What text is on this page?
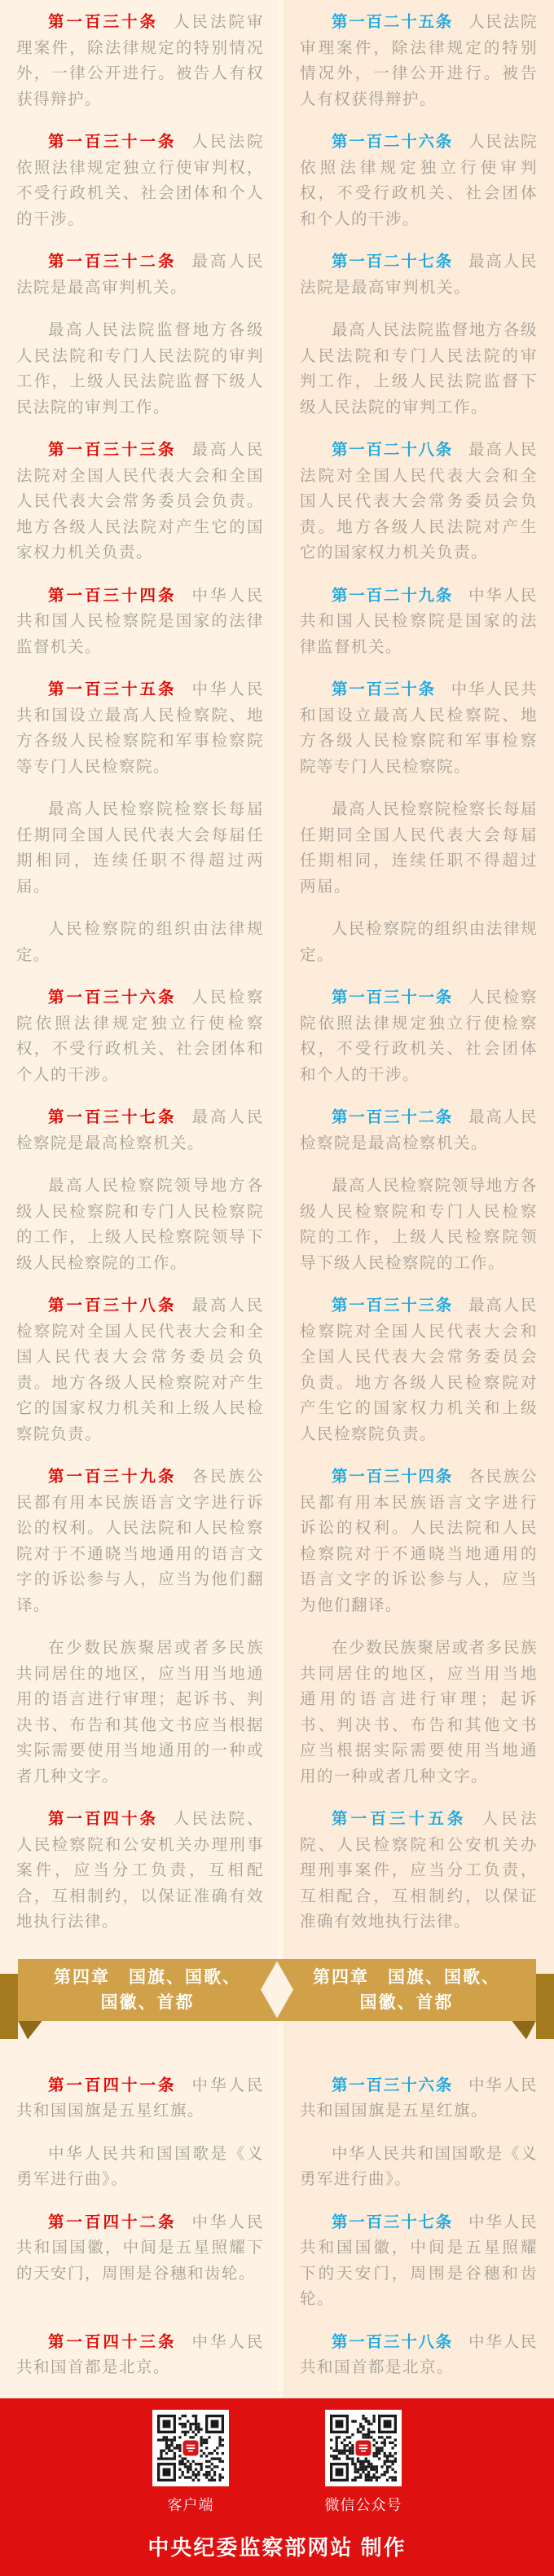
第一百三十条 人民法院审理案件，除法律规定的特别情况外，一律公开进行。被告人有权获得辩护。

第一百二十五条 人民法院审理案件，除法律规定的特别情况外，一律公开进行。被告人有权获得辩护。

第一百三十一条 人民法院依照法律规定独立行使审判权，不受行政机关、社会团体和个人的干涉。

第一百二十六条 人民法院依照法律规定独立行使审判权，不受行政机关、社会团体和个人的干涉。

第一百三十二条 最高人民法院是最高审判机关。

第一百二十七条 最高人民法院是最高审判机关。

最高人民法院监督地方各级人民法院和专门人民法院的审判工作，上级人民法院监督下级人民法院的审判工作。

最高人民法院监督地方各级人民法院和专门人民法院的审判工作，上级人民法院监督下级人民法院的审判工作。

第一百三十三条 最高人民法院对全国人民代表大会和全国人民代表大会常务委员会负责。地方各级人民法院对产生它的国家权力机关负责。

第一百二十八条 最高人民法院对全国人民代表大会和全国人民代表大会常务委员会负责。地方各级人民法院对产生它的国家权力机关负责。

第一百三十四条 中华人民共和国人民检察院是国家的法律监督机关。

第一百二十九条 中华人民共和国人民检察院是国家的法律监督机关。

第一百三十五条 中华人民共和国设立最高人民检察院、地方各级人民检察院和军事检察院等专门人民检察院。

第一百三十条 中华人民共和国设立最高人民检察院、地方各级人民检察院和军事检察院等专门人民检察院。

最高人民检察院检察长每届任期同全国人民代表大会每届任期相同，连续任职不得超过两届。

最高人民检察院检察长每届任期同全国人民代表大会每届任期相同，连续任职不得超过两届。

人民检察院的组织由法律规定。

人民检察院的组织由法律规定。

第一百三十六条 人民检察院依照法律规定独立行使检察权，不受行政机关、社会团体和个人的干涉。

第一百三十一条 人民检察院依照法律规定独立行使检察权，不受行政机关、社会团体和个人的干涉。

第一百三十七条 最高人民检察院是最高检察机关。

第一百三十二条 最高人民检察院是最高检察机关。

最高人民检察院领导地方各级人民检察院和专门人民检察院的工作，上级人民检察院领导下级人民检察院的工作。

最高人民检察院领导地方各级人民检察院和专门人民检察院的工作，上级人民检察院领导下级人民检察院的工作。

第一百三十八条 最高人民检察院对全国人民代表大会和全国人民代表大会常务委员会负责。地方各级人民检察院对产生它的国家权力机关和上级人民检察院负责。

第一百三十三条 最高人民检察院对全国人民代表大会和全国人民代表大会常务委员会负责。地方各级人民检察院对产生它的国家权力机关和上级人民检察院负责。

第一百三十九条 各民族公民都有用本民族语言文字进行诉讼的权利。人民法院和人民检察院对于不通晓当地通用的语言文字的诉讼参与人，应当为他们翻译。

第一百三十四条 各民族公民都有用本民族语言文字进行诉讼的权利。人民法院和人民检察院对于不通晓当地通用的语言文字的诉讼参与人，应当为他们翻译。

在少数民族聚居或者多民族共同居住的地区，应当用当地通用的语言进行审理；起诉书、判决书、布告和其他文书应当根据实际需要使用当地通用的一种或者几种文字。

在少数民族聚居或者多民族共同居住的地区，应当用当地通用的语言进行审理；起诉书、判决书、布告和其他文书应当根据实际需要使用当地通用的一种或者几种文字。

第一百四十条 人民法院、人民检察院和公安机关办理刑事案件，应当分工负责，互相配合，互相制约，以保证准确有效地执行法律。

第一百三十五条 人民法院、人民检察院和公安机关办理刑事案件，应当分工负责，互相配合，互相制约，以保证准确有效地执行法律。

第四章　国旗、国歌、
国徽、首都
第四章　国旗、国歌、
国徽、首都

第一百四十一条 中华人民共和国国旗是五星红旗。

第一百三十六条 中华人民共和国国旗是五星红旗。

中华人民共和国国歌是《义勇军进行曲》。

中华人民共和国国歌是《义勇军进行曲》。

第一百四十二条 中华人民共和国国徽，中间是五星照耀下的天安门，周围是谷穗和齿轮。

第一百三十七条 中华人民共和国国徽，中间是五星照耀下的天安门，周围是谷穗和齿轮。

第一百四十三条 中华人民共和国首都是北京。

第一百三十八条 中华人民共和国首都是北京。

客户端	微信公众号
中央纪委监察部网站 制作
